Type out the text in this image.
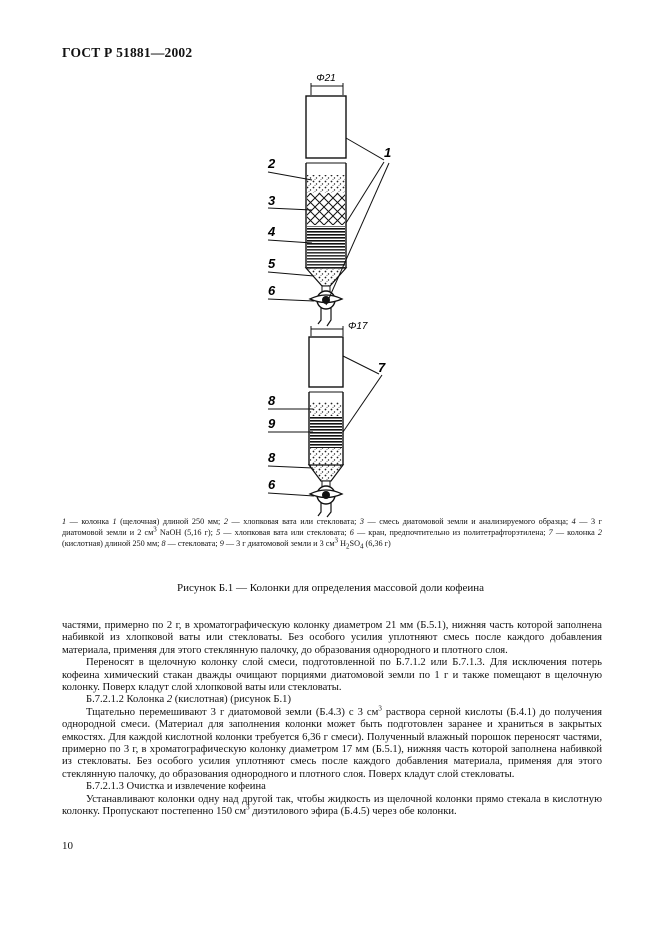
ГОСТ Р 51881—2002
Φ21
1
2
3
4
5
6
Φ17
7
8
9
8
6
1 — колонка 1 (щелочная) длиной 250 мм; 2 — хлопковая вата или стекловата; 3 — смесь диатомовой земли и анализируемого образца; 4 — 3 г диатомовой земли и 2 $см^3$ NaOH (5,16 г); 5 — хлопковая вата или стекловата; 6 — кран, предпочтительно из политетрафторэтилена; 7 — колонка 2 (кислотная) длиной 250 мм; 8 — стекловата; 9 — 3 г диатомовой земли и 3 $см^3$ $H_2SO_4$ (6,36 г)
Рисунок Б.1 — Колонки для определения массовой доли кофеина

частями, примерно по 2 г, в хроматографическую колонку диаметром 21 мм (Б.5.1), нижняя часть которой заполнена набивкой из хлопковой ваты или стекловаты. Без особого усилия уплотняют смесь после каждого добавления материала, применяя для этого стеклянную палочку, до образования однородного и плотного слоя.

Переносят в щелочную колонку слой смеси, подготовленной по Б.7.1.2 или Б.7.1.3. Для исключения потерь кофеина химический стакан дважды очищают порциями диатомовой земли по 1 г и также помещают в щелочную колонку. Поверх кладут слой хлопковой ваты или стекловаты.

Б.7.2.1.2 Колонка 2 (кислотная) (рисунок Б.1)

Тщательно перемешивают 3 г диатомовой земли (Б.4.3) с 3 $см^3$ раствора серной кислоты (Б.4.1) до получения однородной смеси. (Материал для заполнения колонки может быть подготовлен заранее и храниться в закрытых емкостях. Для каждой кислотной колонки требуется 6,36 г смеси). Полученный влажный порошок переносят частями, примерно по 3 г, в хроматографическую колонку диаметром 17 мм (Б.5.1), нижняя часть которой заполнена набивкой из стекловаты. Без особого усилия уплотняют смесь после каждого добавления материала, применяя для этого стеклянную палочку, до образования однородного и плотного слоя. Поверх кладут слой стекловаты.

Б.7.2.1.3 Очистка и извлечение кофеина

Устанавливают колонки одну над другой так, чтобы жидкость из щелочной колонки прямо стекала в кислотную колонку. Пропускают постепенно 150 $см^3$ диэтилового эфира (Б.4.5) через обе колонки.

10
